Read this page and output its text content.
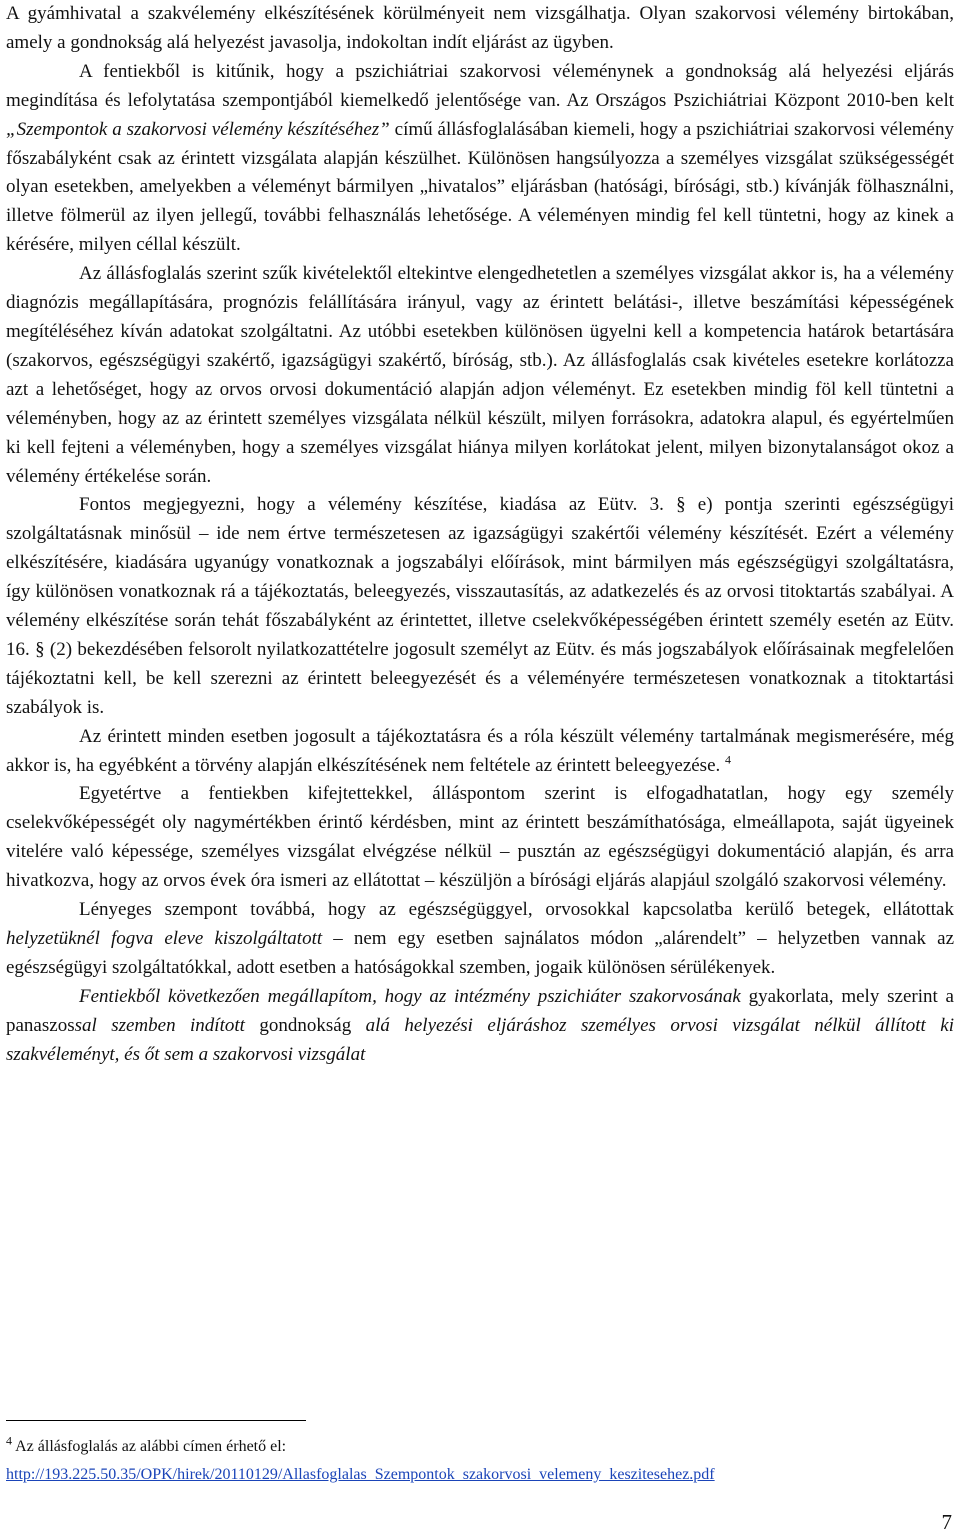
A gyámhivatal a szakvélemény elkészítésének körülményeit nem vizsgálhatja. Olyan szakorvosi vélemény birtokában, amely a gondnokság alá helyezést javasolja, indokoltan indít eljárást az ügyben.

A fentiekből is kitűnik, hogy a pszichiátriai szakorvosi véleménynek a gondnokság alá helyezési eljárás megindítása és lefolytatása szempontjából kiemelkedő jelentősége van. Az Országos Pszichiátriai Központ 2010-ben kelt „Szempontok a szakorvosi vélemény készítéséhez” című állásfoglalásában kiemeli, hogy a pszichiátriai szakorvosi vélemény főszabályként csak az érintett vizsgálata alapján készülhet. Különösen hangsúlyozza a személyes vizsgálat szükségességét olyan esetekben, amelyekben a véleményt bármilyen „hivatalos” eljárásban (hatósági, bírósági, stb.) kívánják fölhasználni, illetve fölmerül az ilyen jellegű, további felhasználás lehetősége. A véleményen mindig fel kell tüntetni, hogy az kinek a kérésére, milyen céllal készült.

Az állásfoglalás szerint szűk kivételektől eltekintve elengedhetetlen a személyes vizsgálat akkor is, ha a vélemény diagnózis megállapítására, prognózis felállítására irányul, vagy az érintett belátási-, illetve beszámítási képességének megítéléséhez kíván adatokat szolgáltatni. Az utóbbi esetekben különösen ügyelni kell a kompetencia határok betartására (szakorvos, egészségügyi szakértő, igazságügyi szakértő, bíróság, stb.). Az állásfoglalás csak kivételes esetekre korlátozza azt a lehetőséget, hogy az orvos orvosi dokumentáció alapján adjon véleményt. Ez esetekben mindig föl kell tüntetni a véleményben, hogy az az érintett személyes vizsgálata nélkül készült, milyen forrásokra, adatokra alapul, és egyértelműen ki kell fejteni a véleményben, hogy a személyes vizsgálat hiánya milyen korlátokat jelent, milyen bizonytalanságot okoz a vélemény értékelése során.

Fontos megjegyezni, hogy a vélemény készítése, kiadása az Eütv. 3. § e) pontja szerinti egészségügyi szolgáltatásnak minősül – ide nem értve természetesen az igazságügyi szakértői vélemény készítését. Ezért a vélemény elkészítésére, kiadására ugyanúgy vonatkoznak a jogszabályi előírások, mint bármilyen más egészségügyi szolgáltatásra, így különösen vonatkoznak rá a tájékoztatás, beleegyezés, visszautasítás, az adatkezelés és az orvosi titoktartás szabályai. A vélemény elkészítése során tehát főszabályként az érintettet, illetve cselekvőképességében érintett személy esetén az Eütv. 16. § (2) bekezdésében felsorolt nyilatkozattételre jogosult személyt az Eütv. és más jogszabályok előírásainak megfelelően tájékoztatni kell, be kell szerezni az érintett beleegyezését és a véleményére természetesen vonatkoznak a titoktartási szabályok is.

Az érintett minden esetben jogosult a tájékoztatásra és a róla készült vélemény tartalmának megismerésére, még akkor is, ha egyébként a törvény alapján elkészítésének nem feltétele az érintett beleegyezése. $^4$

Egyetértve a fentiekben kifejtettekkel, álláspontom szerint is elfogadhatatlan, hogy egy személy cselekvőképességét oly nagymértékben érintő kérdésben, mint az érintett beszámíthatósága, elmeállapota, saját ügyeinek vitelére való képessége, személyes vizsgálat elvégzése nélkül – pusztán az egészségügyi dokumentáció alapján, és arra hivatkozva, hogy az orvos évek óra ismeri az ellátottat – készüljön a bírósági eljárás alapjául szolgáló szakorvosi vélemény.

Lényeges szempont továbbá, hogy az egészségüggyel, orvosokkal kapcsolatba kerülő betegek, ellátottak helyzetüknél fogva eleve kiszolgáltatott – nem egy esetben sajnálatos módon „alárendelt” – helyzetben vannak az egészségügyi szolgáltatókkal, adott esetben a hatóságokkal szemben, jogaik különösen sérülékenyek.

Fentiekből következően megállapítom, hogy az intézmény pszichiáter szakorvosának gyakorlata, mely szerint a panaszossal szemben indított gondnokság alá helyezési eljáráshoz személyes orvosi vizsgálat nélkül állított ki szakvéleményt, és őt sem a szakorvosi vizsgálat

$^4$ Az állásfoglalás az alábbi címen érhető el:
http://193.225.50.35/OPK/hirek/20110129/Allasfoglalas_Szempontok_szakorvosi_velemeny_keszitesehez.pdf
7
